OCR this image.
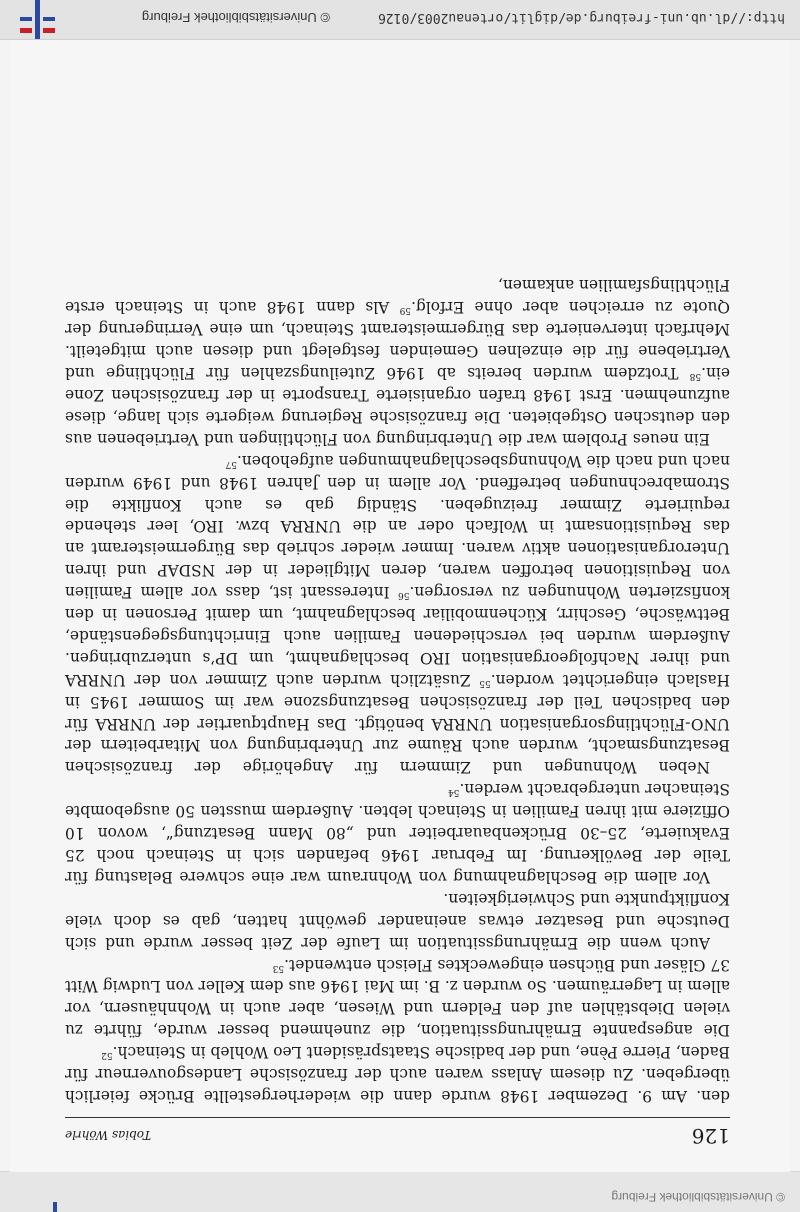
© Universitätsbibliothek Freiburg
126
Tobias Wöhrle

den. Am 9. Dezember 1948 wurde dann die wiederhergestellte Brücke feierlich übergeben. Zu diesem Anlass waren auch der französische Landesgouverneur für Baden, Pierre Pène, und der badische Staatspräsident Leo Wohleb in Steinach.$^{52}$

Die angespannte Ernährungssituation, die zunehmend besser wurde, führte zu vielen Diebstählen auf den Feldern und Wiesen, aber auch in Wohnhäusern, vor allem in Lagerräumen. So wurden z. B. im Mai 1946 aus dem Keller von Ludwig Witt 37 Gläser und Büchsen eingewecktes Fleisch entwendet.$^{53}$

Auch wenn die Ernährungssituation im Laufe der Zeit besser wurde und sich Deutsche und Besatzer etwas aneinander gewöhnt hatten, gab es doch viele Konfliktpunkte und Schwierigkeiten.

Vor allem die Beschlagnahmung von Wohnraum war eine schwere Belastung für Teile der Bevölkerung. Im Februar 1946 befanden sich in Steinach noch 25 Evakuierte, 25–30 Brückenbauarbeiter und „80 Mann Besatzung“, wovon 10 Offiziere mit ihren Familien in Steinach lebten. Außerdem mussten 50 ausgebombte Steinacher untergebracht werden.$^{54}$

Neben Wohnungen und Zimmern für Angehörige der französischen Besatzungsmacht, wurden auch Räume zur Unterbringung von Mitarbeitern der UNO-Flüchtlingsorganisation UNRRA benötigt. Das Hauptquartier der UNRRA für den badischen Teil der französischen Besatzungszone war im Sommer 1945 in Haslach eingerichtet worden.$^{55}$ Zusätzlich wurden auch Zimmer von der UNRRA und ihrer Nachfolgeorganisation IRO beschlagnahmt, um DP’s unterzubringen. Außerdem wurden bei verschiedenen Familien auch Einrichtungsgegenstände, Bettwäsche, Geschirr, Küchenmobiliar beschlagnahmt, um damit Personen in den konfiszierten Wohnungen zu versorgen.$^{56}$ Interessant ist, dass vor allem Familien von Requisitionen betroffen waren, deren Mitglieder in der NSDAP und ihren Unterorganisationen aktiv waren. Immer wieder schrieb das Bürgermeisteramt an das Requisitionsamt in Wolfach oder an die UNRRA bzw. IRO, leer stehende requirierte Zimmer freizugeben. Ständig gab es auch Konflikte die Stromabrechnungen betreffend. Vor allem in den Jahren 1948 und 1949 wurden nach und nach die Wohnungsbeschlagnahmungen aufgehoben.$^{57}$

Ein neues Problem war die Unterbringung von Flüchtlingen und Vertriebenen aus den deutschen Ostgebieten. Die französische Regierung weigerte sich lange, diese aufzunehmen. Erst 1948 trafen organisierte Transporte in der französischen Zone ein.$^{58}$ Trotzdem wurden bereits ab 1946 Zuteilungszahlen für Flüchtlinge und Vertriebene für die einzelnen Gemeinden festgelegt und diesen auch mitgeteilt. Mehrfach intervenierte das Bürgermeisteramt Steinach, um eine Verringerung der Quote zu erreichen aber ohne Erfolg.$^{59}$ Als dann 1948 auch in Steinach erste Flüchtlingsfamilien ankamen,

http://dl.ub.uni-freiburg.de/diglit/ortenau2003/0126
© Universitätsbibliothek Freiburg
